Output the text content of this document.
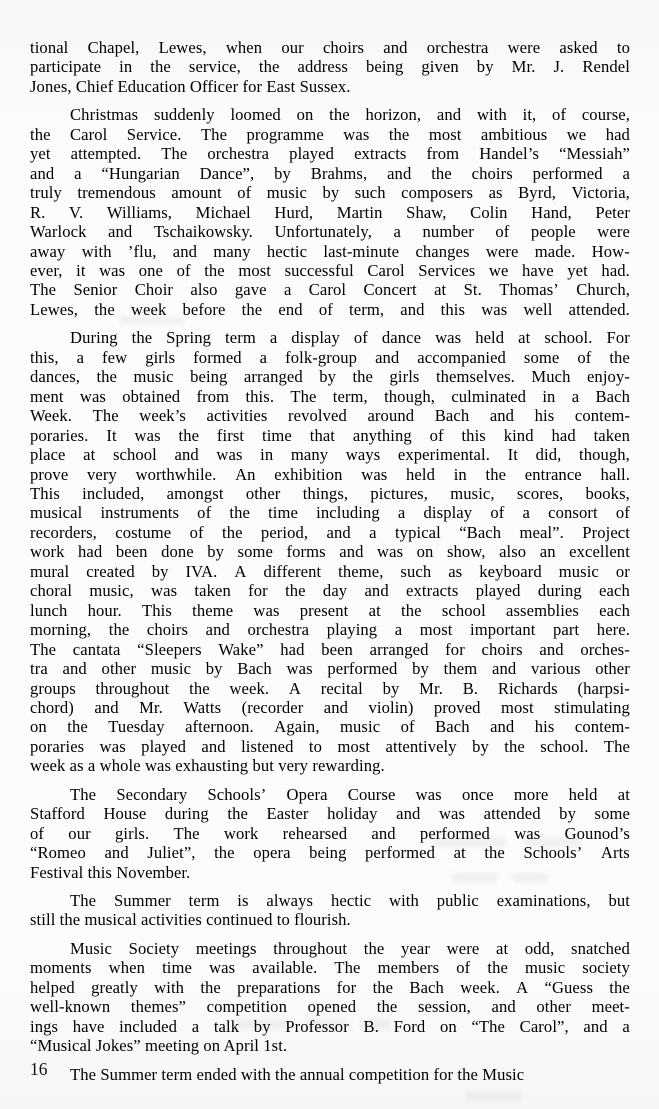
tional Chapel, Lewes, when our choirs and orchestra were asked to
participate in the service, the address being given by Mr. J. Rendel
Jones, Chief Education Officer for East Sussex.

Christmas suddenly loomed on the horizon, and with it, of course,
the Carol Service. The programme was the most ambitious we had
yet attempted. The orchestra played extracts from Handel’s “Messiah”
and a “Hungarian Dance”, by Brahms, and the choirs performed a
truly tremendous amount of music by such composers as Byrd, Victoria,
R. V. Williams, Michael Hurd, Martin Shaw, Colin Hand, Peter
Warlock and Tschaikowsky. Unfortunately, a number of people were
away with ’flu, and many hectic last-minute changes were made. How-
ever, it was one of the most successful Carol Services we have yet had.
The Senior Choir also gave a Carol Concert at St. Thomas’ Church,
Lewes, the week before the end of term, and this was well attended.

During the Spring term a display of dance was held at school. For
this, a few girls formed a folk-group and accompanied some of the
dances, the music being arranged by the girls themselves. Much enjoy-
ment was obtained from this. The term, though, culminated in a Bach
Week. The week’s activities revolved around Bach and his contem-
poraries. It was the first time that anything of this kind had taken
place at school and was in many ways experimental. It did, though,
prove very worthwhile. An exhibition was held in the entrance hall.
This included, amongst other things, pictures, music, scores, books,
musical instruments of the time including a display of a consort of
recorders, costume of the period, and a typical “Bach meal”. Project
work had been done by some forms and was on show, also an excellent
mural created by IVA. A different theme, such as keyboard music or
choral music, was taken for the day and extracts played during each
lunch hour. This theme was present at the school assemblies each
morning, the choirs and orchestra playing a most important part here.
The cantata “Sleepers Wake” had been arranged for choirs and orches-
tra and other music by Bach was performed by them and various other
groups throughout the week. A recital by Mr. B. Richards (harpsi-
chord) and Mr. Watts (recorder and violin) proved most stimulating
on the Tuesday afternoon. Again, music of Bach and his contem-
poraries was played and listened to most attentively by the school. The
week as a whole was exhausting but very rewarding.

The Secondary Schools’ Opera Course was once more held at
Stafford House during the Easter holiday and was attended by some
of our girls. The work rehearsed and performed was Gounod’s
“Romeo and Juliet”, the opera being performed at the Schools’ Arts
Festival this November.

The Summer term is always hectic with public examinations, but
still the musical activities continued to flourish.

Music Society meetings throughout the year were at odd, snatched
moments when time was available. The members of the music society
helped greatly with the preparations for the Bach week. A “Guess the
well-known themes” competition opened the session, and other meet-
ings have included a talk by Professor B. Ford on “The Carol”, and a
“Musical Jokes” meeting on April 1st.

The Summer term ended with the annual competition for the Music

16
